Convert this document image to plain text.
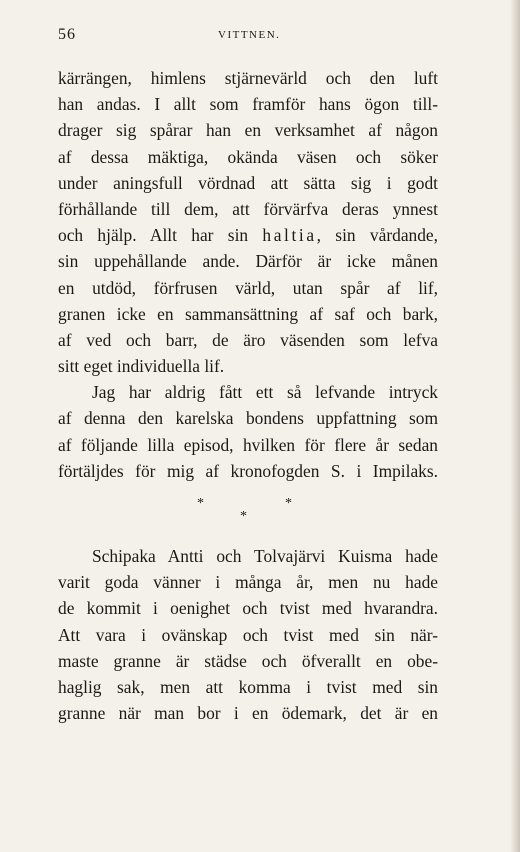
56	VITTNEN.
kärrängen, himlens stjärnevärld och den luft
han andas. I allt som framför hans ögon till-
drager sig spårar han en verksamhet af någon
af dessa mäktiga, okända väsen och söker
under aningsfull vördnad att sätta sig i godt
förhållande till dem, att förvärfva deras ynnest
och hjälp. Allt har sin haltia, sin vårdande,
sin uppehållande ande. Därför är icke månen
en utdöd, förfrusen värld, utan spår af lif,
granen icke en sammansättning af saf och bark,
af ved och barr, de äro väsenden som lefva
sitt eget individuella lif.
Jag har aldrig fått ett så lefvande intryck
af denna den karelska bondens uppfattning som
af följande lilla episod, hvilken för flere år sedan
förtäljdes för mig af kronofogden S. i Impilaks.
*	*
*
Schipaka Antti och Tolvajärvi Kuisma hade
varit goda vänner i många år, men nu hade
de kommit i oenighet och tvist med hvarandra.
Att vara i ovänskap och tvist med sin när-
maste granne är städse och öfverallt en obe-
haglig sak, men att komma i tvist med sin
granne när man bor i en ödemark, det är en
